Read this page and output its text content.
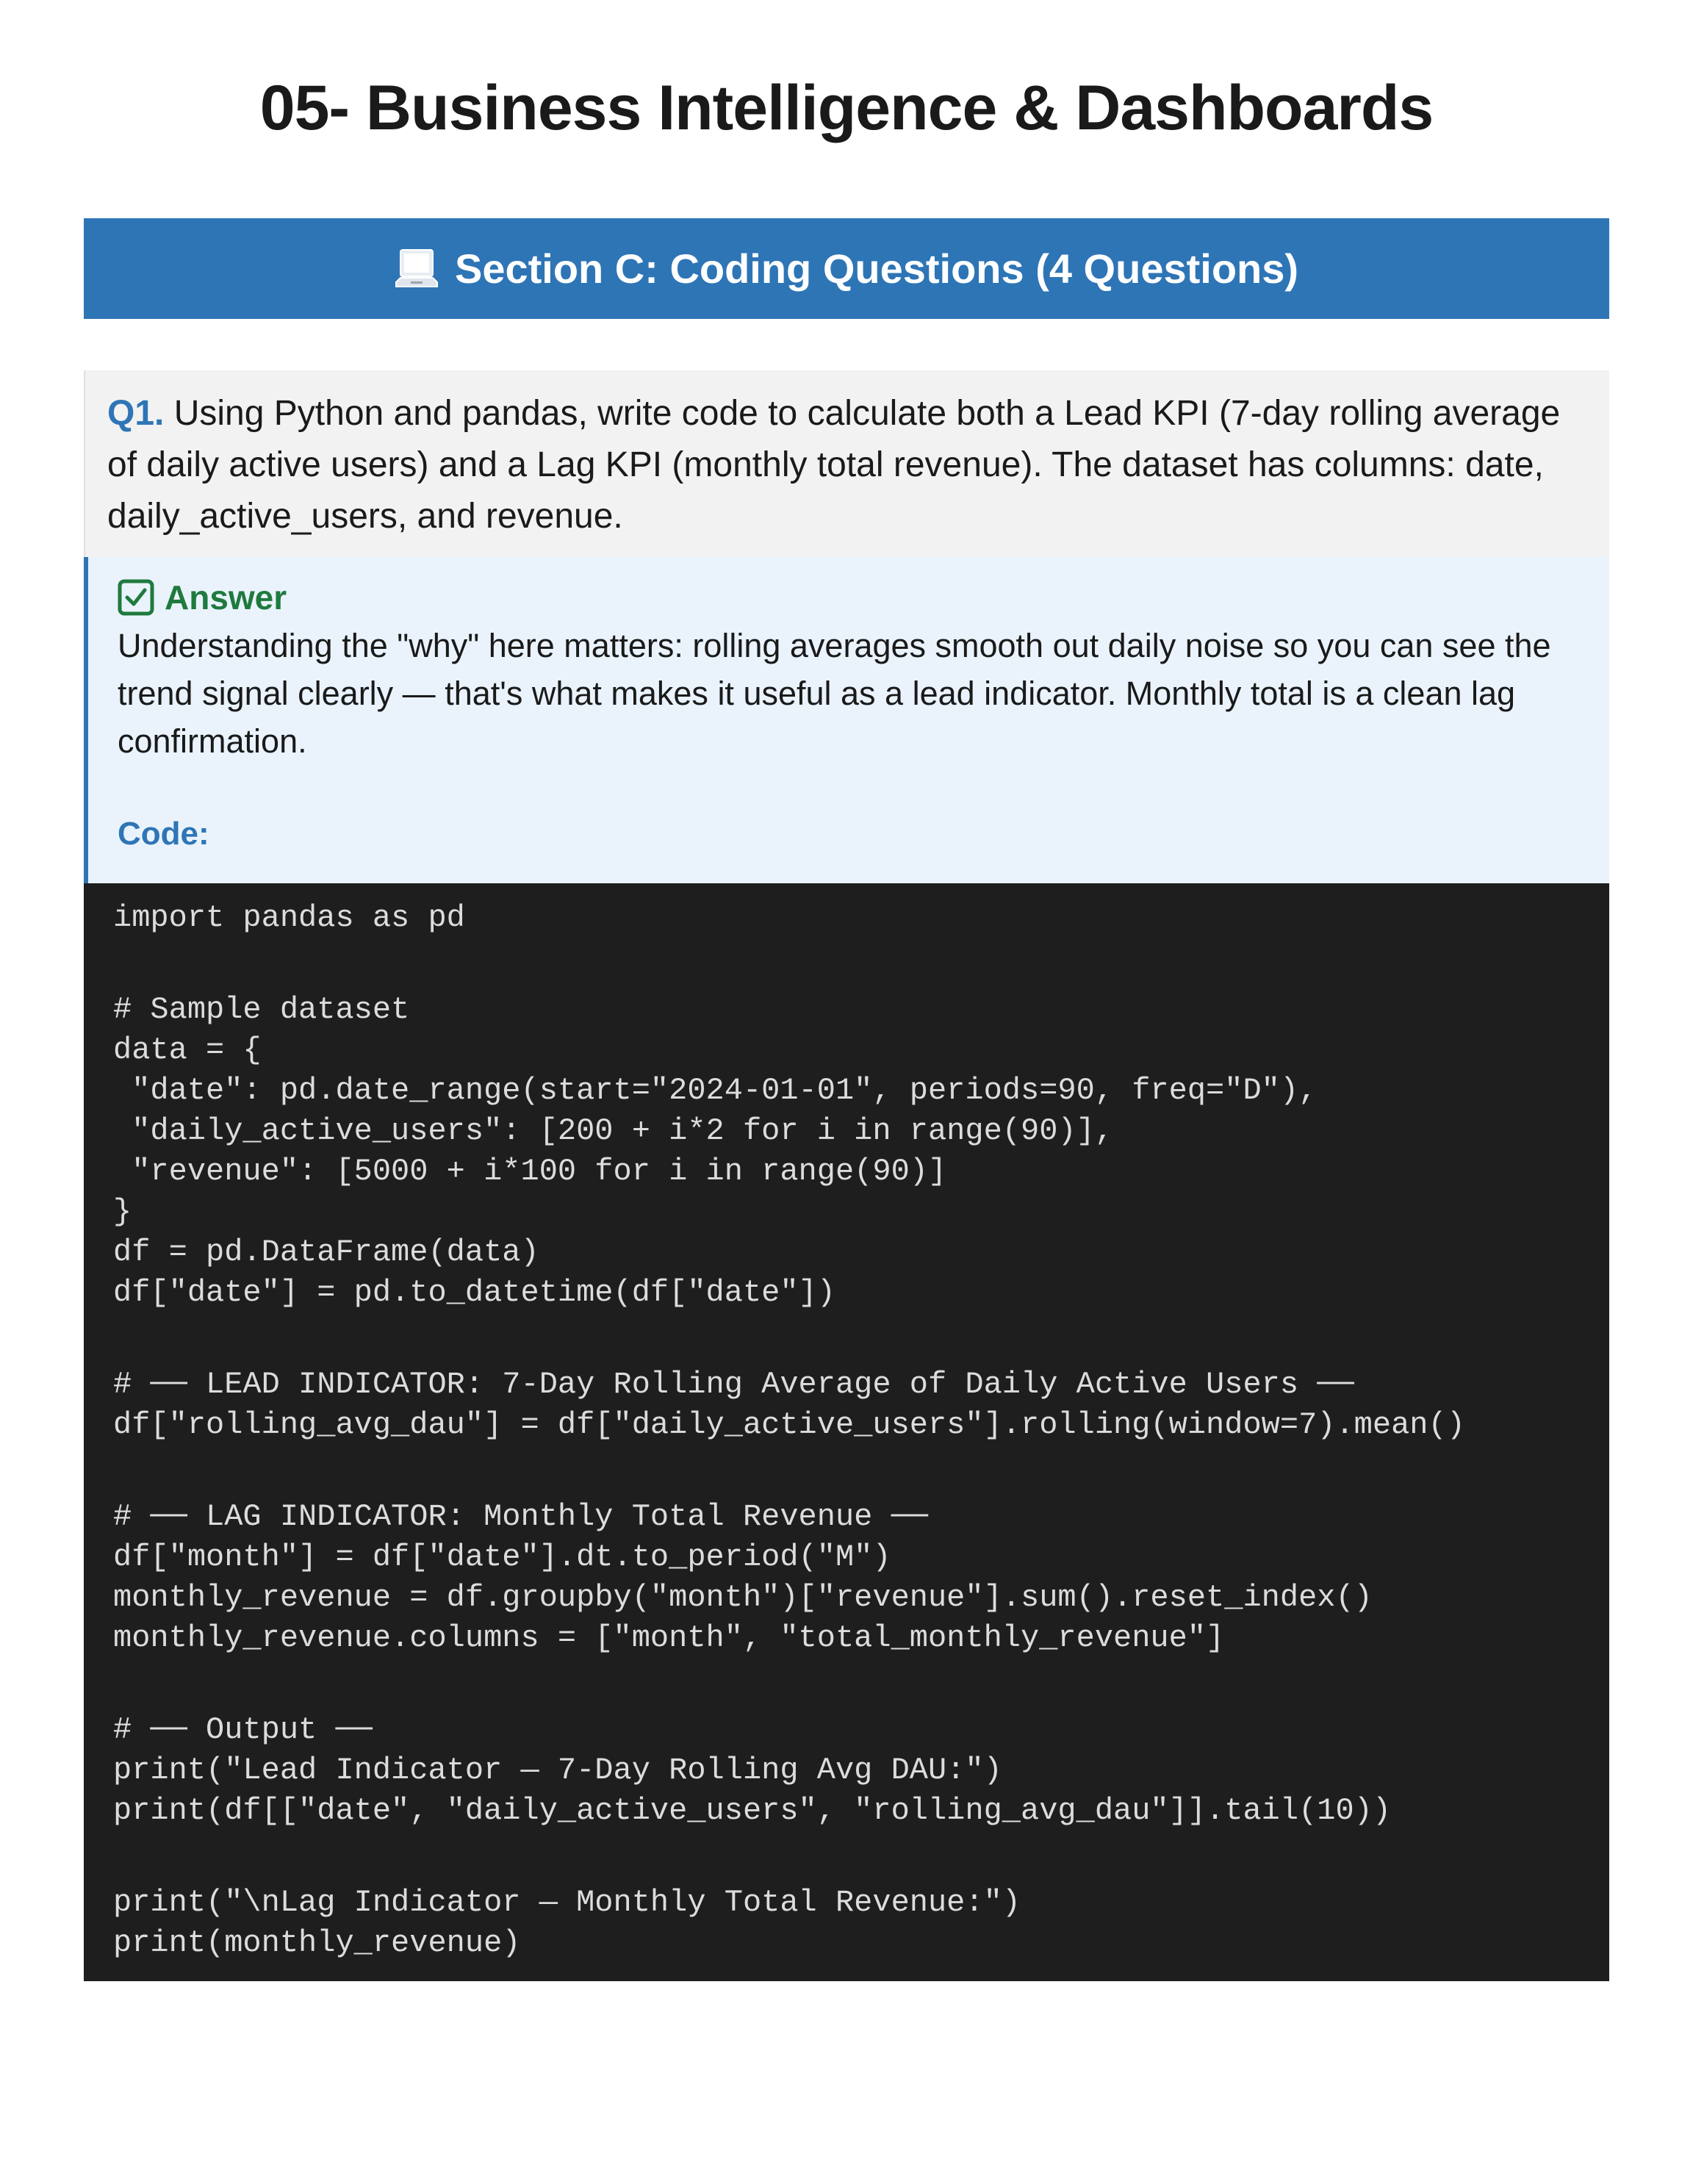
05- Business Intelligence & Dashboards
Section C: Coding Questions (4 Questions)
Q1. Using Python and pandas, write code to calculate both a Lead KPI (7-day rolling average of daily active users) and a Lag KPI (monthly total revenue). The dataset has columns: date, daily_active_users, and revenue.
Answer
Understanding the "why" here matters: rolling averages smooth out daily noise so you can see the trend signal clearly — that's what makes it useful as a lead indicator. Monthly total is a clean lag confirmation.
Code:
import pandas as pd
# Sample dataset
data = {
"date": pd.date_range(start="2024-01-01", periods=90, freq="D"),
"daily_active_users": [200 + i*2 for i in range(90)],
"revenue": [5000 + i*100 for i in range(90)]
}
df = pd.DataFrame(data)
df["date"] = pd.to_datetime(df["date"])
# ── LEAD INDICATOR: 7-Day Rolling Average of Daily Active Users ──
df["rolling_avg_dau"] = df["daily_active_users"].rolling(window=7).mean()
# ── LAG INDICATOR: Monthly Total Revenue ──
df["month"] = df["date"].dt.to_period("M")
monthly_revenue = df.groupby("month")["revenue"].sum().reset_index()
monthly_revenue.columns = ["month", "total_monthly_revenue"]
# ── Output ──
print("Lead Indicator — 7-Day Rolling Avg DAU:")
print(df[["date", "daily_active_users", "rolling_avg_dau"]].tail(10))
print("\nLag Indicator — Monthly Total Revenue:")
print(monthly_revenue)
